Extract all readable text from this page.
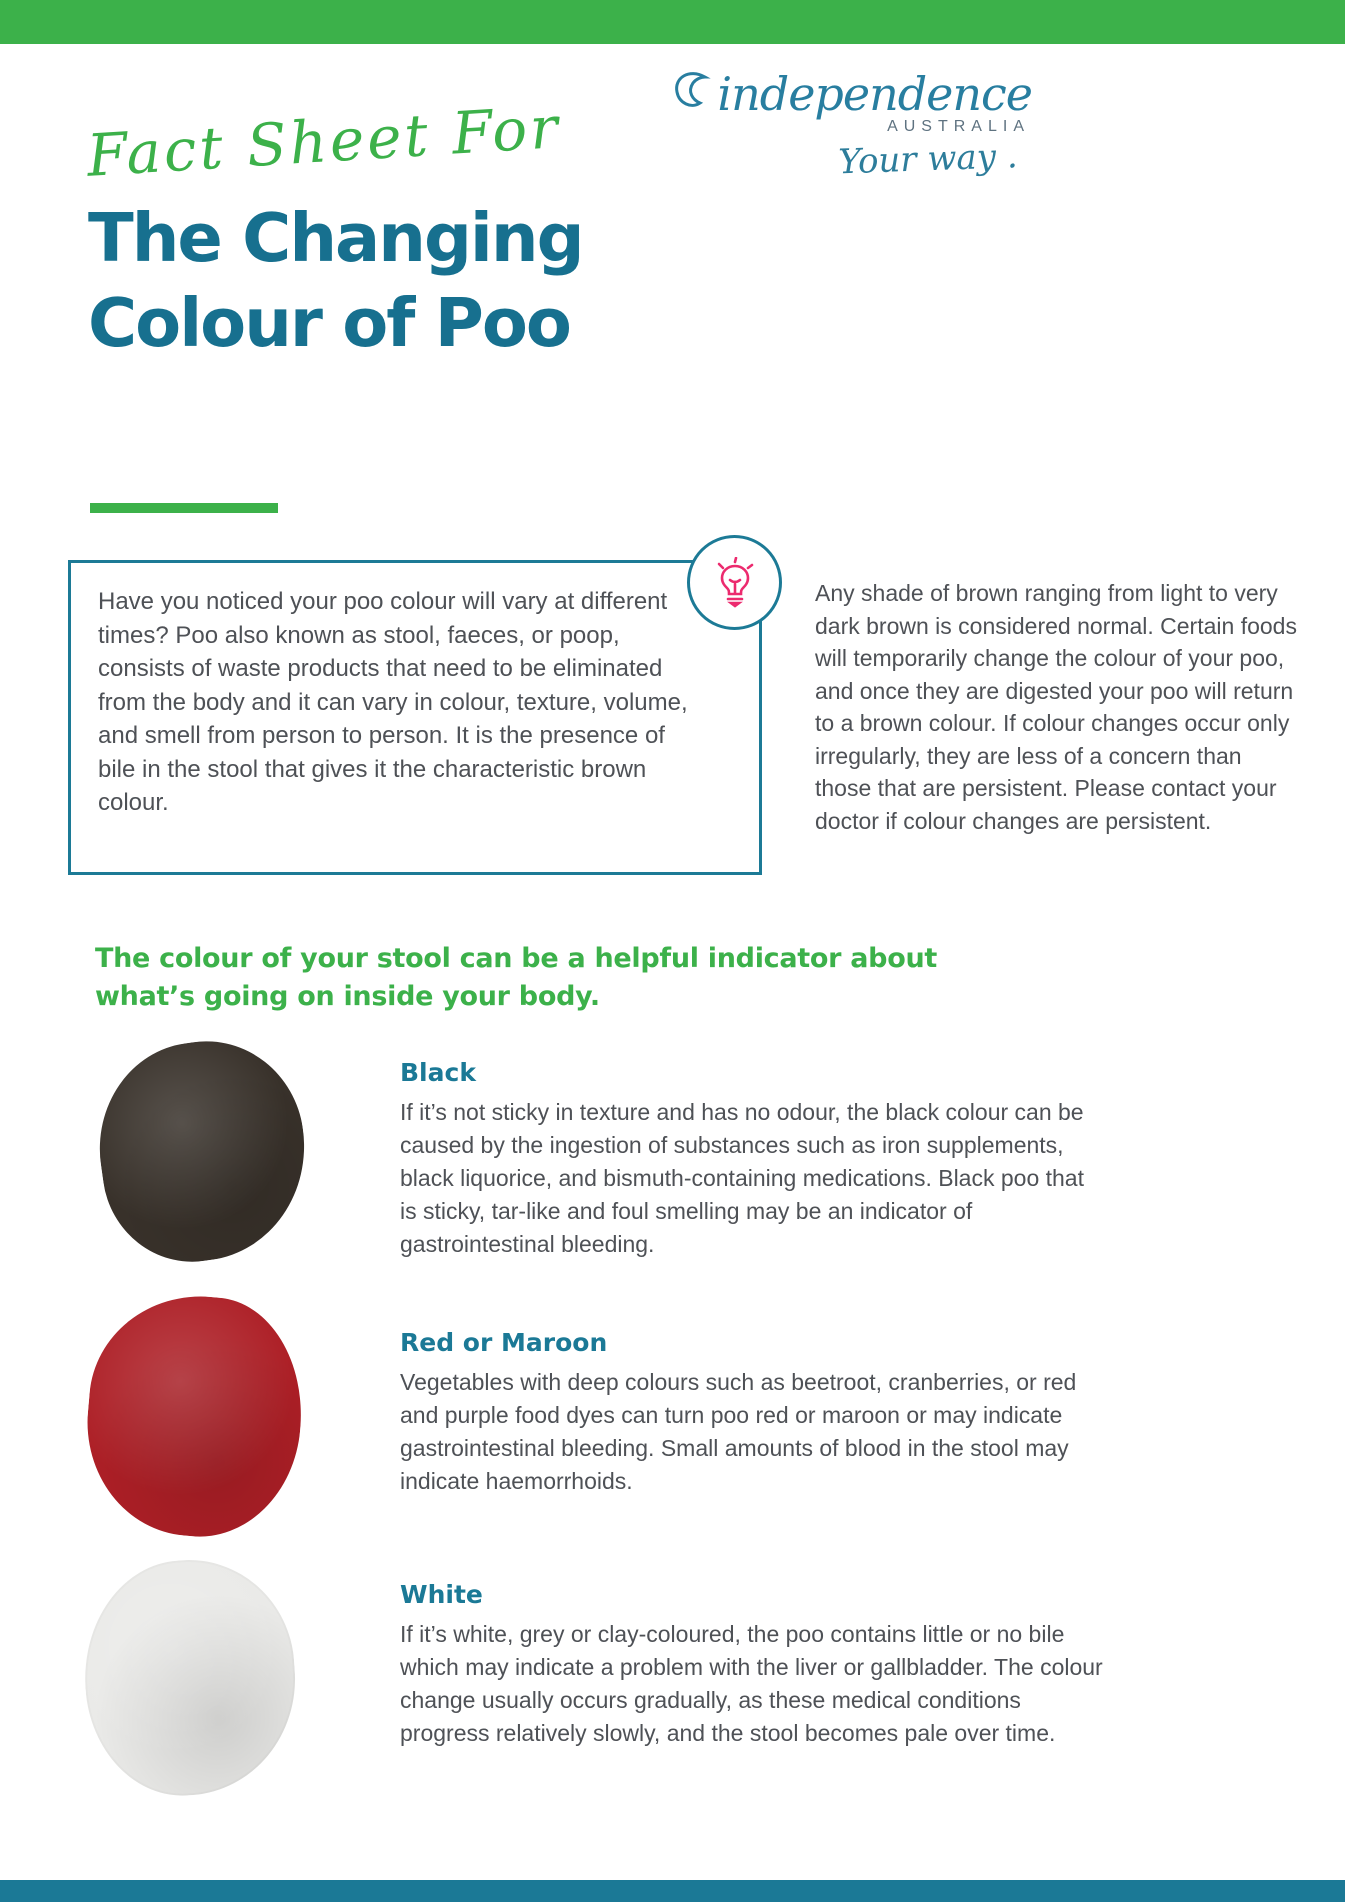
independence
AUSTRALIA
Your way .
Fact Sheet For
The Changing
Colour of Poo
Have you noticed your poo colour will vary at different times? Poo also known as stool, faeces, or poop, consists of waste products that need to be eliminated from the body and it can vary in colour, texture, volume, and smell from person to person. It is the presence of bile in the stool that gives it the characteristic brown colour.
Any shade of brown ranging from light to very dark brown is considered normal. Certain foods will temporarily change the colour of your poo, and once they are digested your poo will return to a brown colour. If colour changes occur only irregularly, they are less of a concern than those that are persistent. Please contact your doctor if colour changes are persistent.
The colour of your stool can be a helpful indicator about what’s going on inside your body.
Black
If it’s not sticky in texture and has no odour, the black colour can be caused by the ingestion of substances such as iron supplements, black liquorice, and bismuth-containing medications. Black poo that is sticky, tar-like and foul smelling may be an indicator of gastrointestinal bleeding.
Red or Maroon
Vegetables with deep colours such as beetroot, cranberries, or red and purple food dyes can turn poo red or maroon or may indicate gastrointestinal bleeding. Small amounts of blood in the stool may indicate haemorrhoids.
White
If it’s white, grey or clay-coloured, the poo contains little or no bile which may indicate a problem with the liver or gallbladder. The colour change usually occurs gradually, as these medical conditions progress relatively slowly, and the stool becomes pale over time.
